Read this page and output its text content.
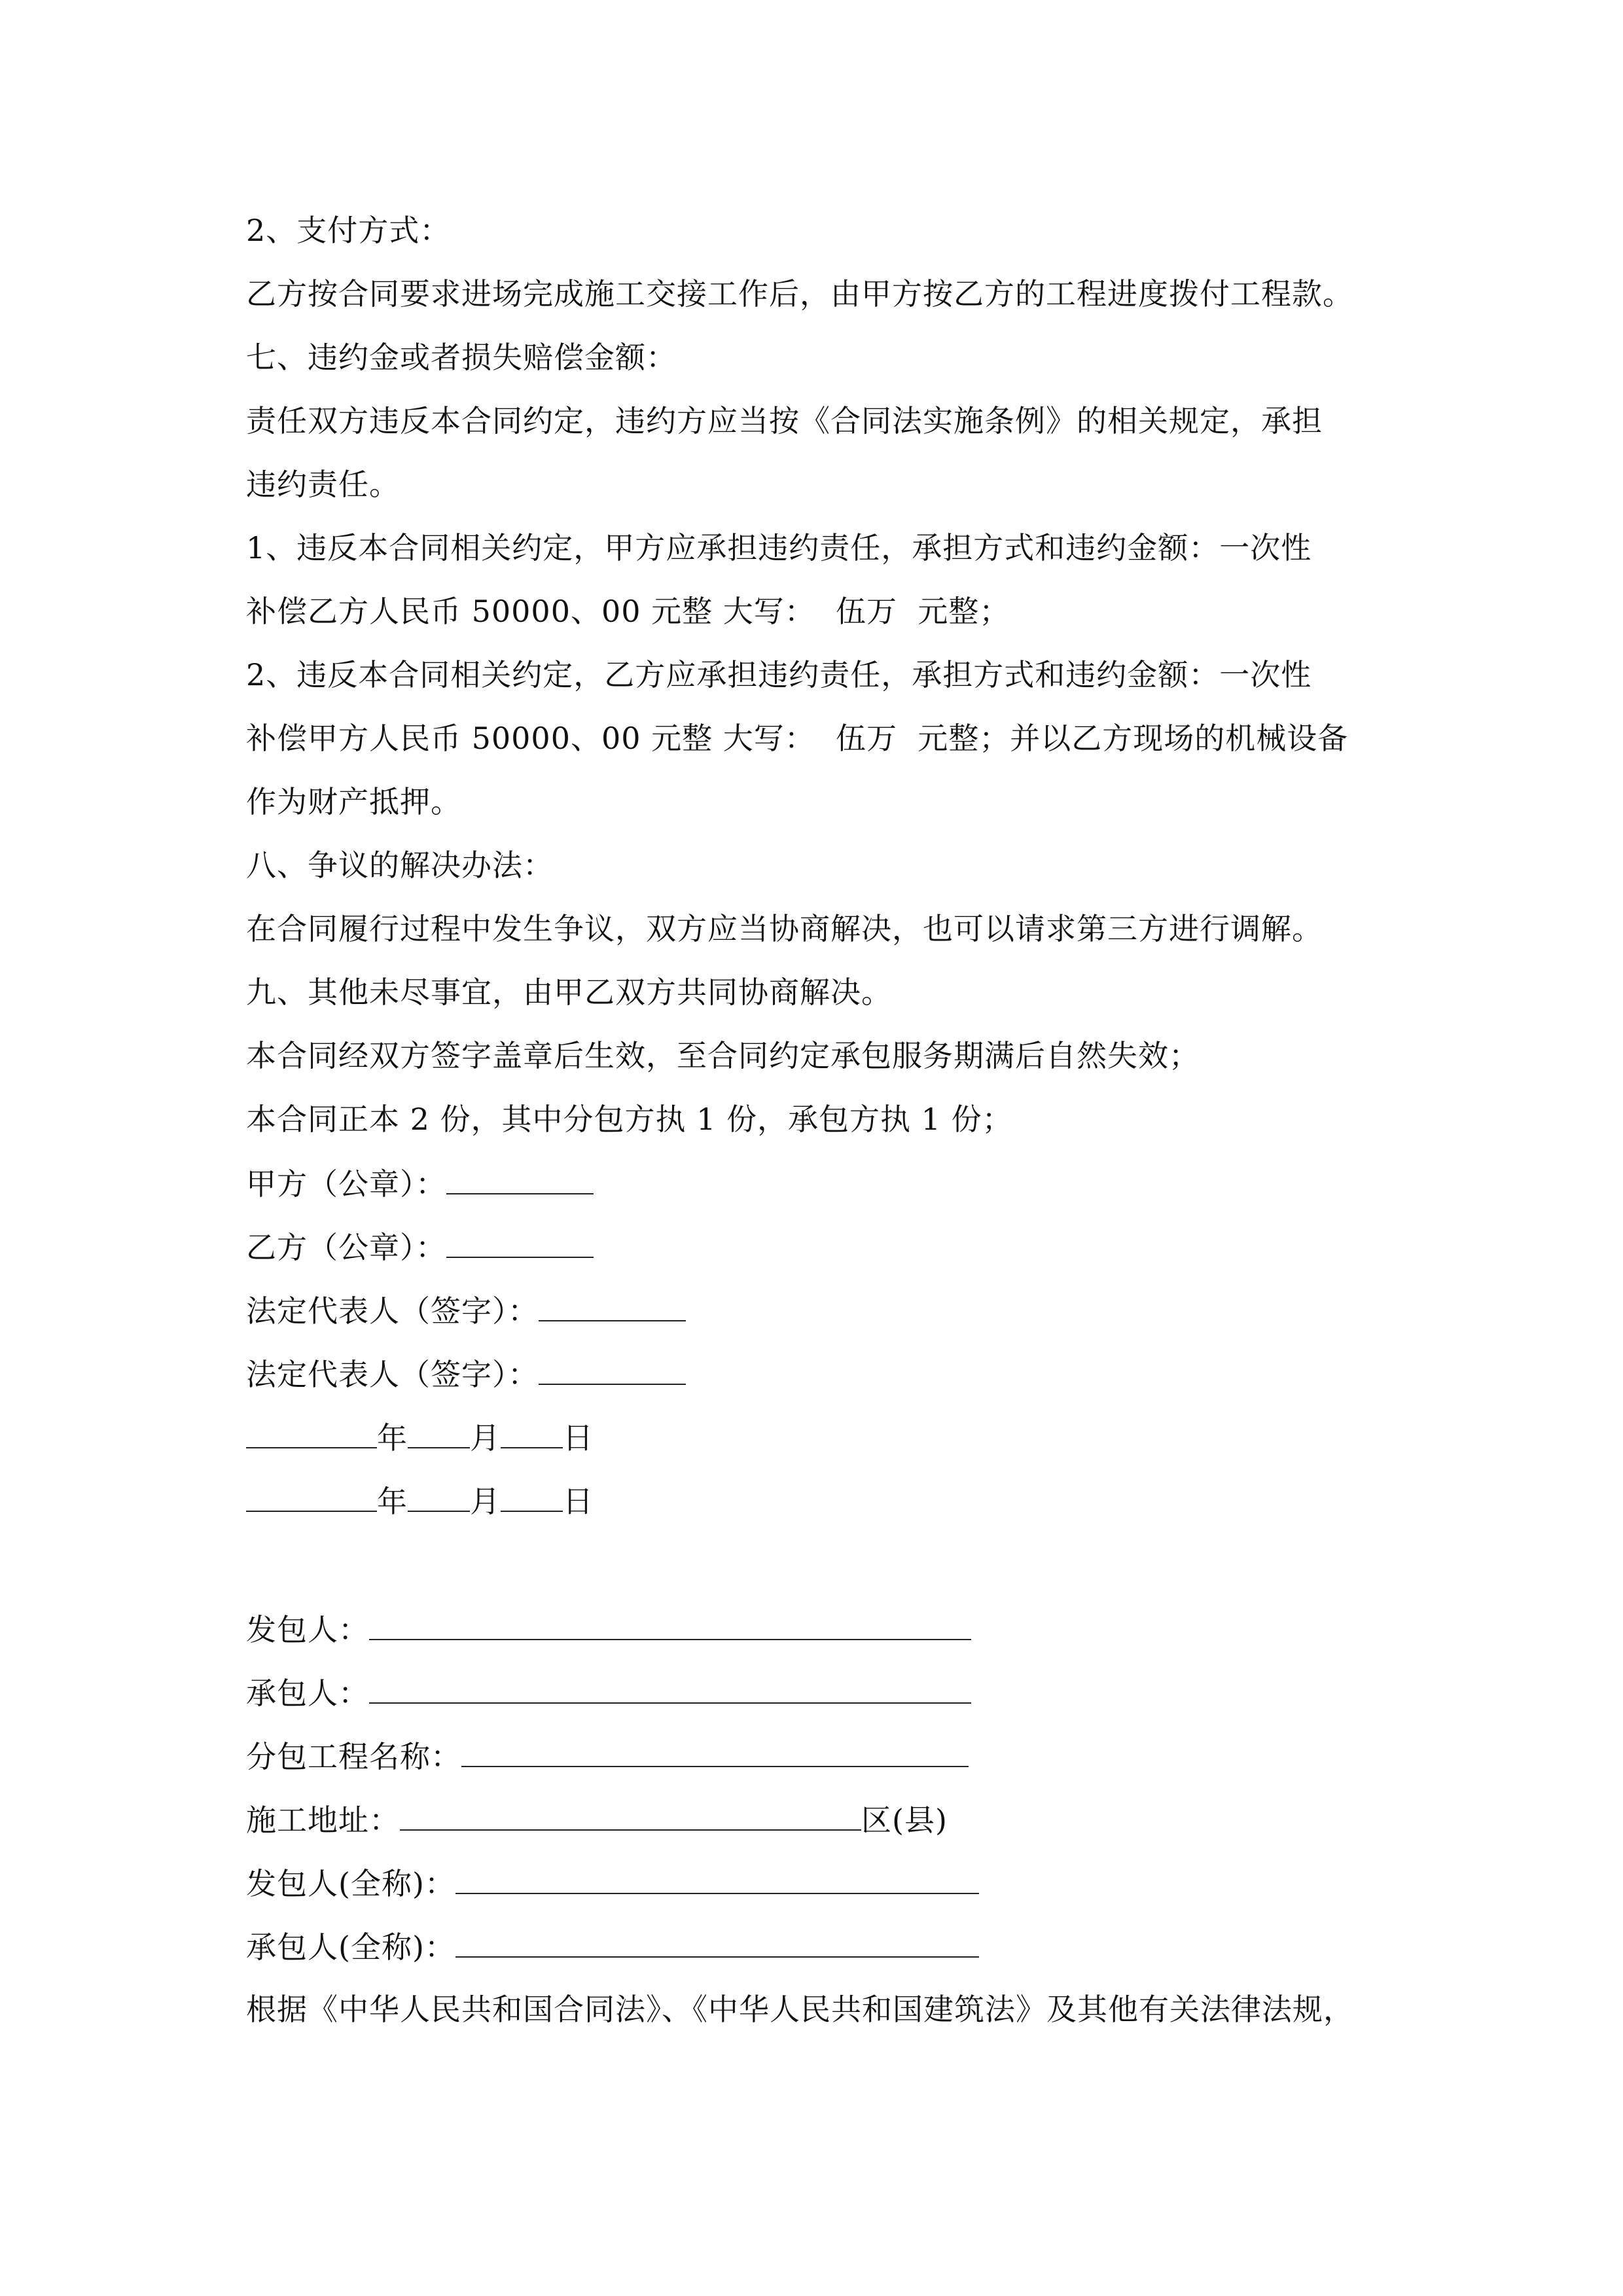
2、支付方式：
乙方按合同要求进场完成施工交接工作后，由甲方按乙方的工程进度拨付工程款。
七、违约金或者损失赔偿金额：
责任双方违反本合同约定，违约方应当按《合同法实施条例》的相关规定，承担
违约责任。
1、违反本合同相关约定，甲方应承担违约责任，承担方式和违约金额：一次性
补偿乙方人民币 50000、00 元整 大写：  伍万  元整；
2、违反本合同相关约定，乙方应承担违约责任，承担方式和违约金额：一次性
补偿甲方人民币 50000、00 元整 大写：  伍万  元整；并以乙方现场的机械设备
作为财产抵押。
八、争议的解决办法：
在合同履行过程中发生争议，双方应当协商解决，也可以请求第三方进行调解。
九、其他未尽事宜，由甲乙双方共同协商解决。
本合同经双方签字盖章后生效，至合同约定承包服务期满后自然失效；
本合同正本 2 份，其中分包方执 1 份，承包方执 1 份；
甲方（公章）：
乙方（公章）：
法定代表人（签字）：
法定代表人（签字）：
年 月 日
年 月 日
发包人：
承包人：
分包工程名称：
施工地址：	区(县)
发包人(全称)：
承包人(全称)：
根据《中华人民共和国合同法》、《中华人民共和国建筑法》及其他有关法律法规，
